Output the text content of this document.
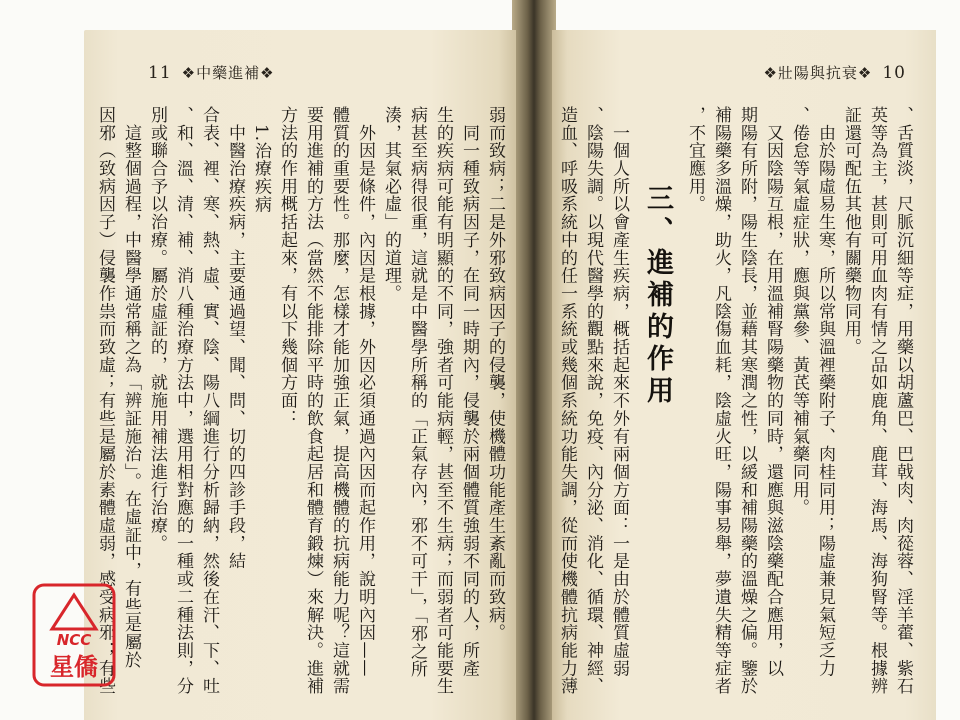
11 ❖中藥進補❖

弱而致病；二是外邪致病因子的侵襲，使機體功能產生紊亂而致病。

　同一種致病因子，在同一時期內，侵襲於兩個體質強弱不同的人，所產

生的疾病可能有明顯的不同，強者可能病輕，甚至不生病；而弱者可能要生

病甚至病得很重，這就是中醫學所稱的「正氣存內，邪不可干」，「邪之所

湊，其氣必虛」的道理。

　外因是條件，內因是根據，外因必須通過內因而起作用，說明內因——

體質的重要性。那麼，怎樣才能加強正氣，提高機體的抗病能力呢？這就需

要用進補的方法（當然不能排除平時的飲食起居和體育鍛煉）來解決。進補

方法的作用概括起來，有以下幾個方面：

1.治療疾病

　中醫治療疾病，主要通過望、聞、問、切的四診手段，結

合表、裡、寒、熱、虛、實、陰、陽八綱進行分析歸納，然後在汗、下、吐

、和、溫、清、補、消八種治療方法中，選用相對應的一種或二種法則，分

別或聯合予以治療。屬於虛証的，就施用補法進行治療。

　這整個過程，中醫學通常稱之為「辨証施治」。在虛証中，有些是屬於

因邪（致病因子）侵襲作祟而致虛；有些是屬於素體虛弱，感受病邪；有些

❖壯陽與抗衰❖ 10

、舌質淡，尺脈沉細等症，用藥以胡蘆巴、巴戟肉、肉蓯蓉、淫羊藿、紫石

英等為主，甚則可用血肉有情之品如鹿角、鹿茸、海馬、海狗腎等。根據辨

証還可配伍其他有關藥物同用。

　由於陽虛易生寒，所以常與溫裡藥附子、肉桂同用；陽虛兼見氣短乏力

、倦怠等氣虛症狀，應與黨參、黃芪等補氣藥同用。

　又因陰陽互根，在用溫補腎陽藥物的同時，還應與滋陰藥配合應用，以

期陽有所附，陽生陰長，並藉其寒潤之性，以緩和補陽藥的溫燥之偏。鑒於

補陽藥多溫燥，助火，凡陰傷血耗，陰虛火旺，陽事易舉，夢遺失精等症者

，不宜應用。

三、進補的作用

　一個人所以會產生疾病，概括起來不外有兩個方面：一是由於體質虛弱

、陰陽失調。以現代醫學的觀點來說，免疫、內分泌、消化、循環、神經、

造血、呼吸系統中的任一系統或幾個系統功能失調，從而使機體抗病能力薄

NCC
星僑
